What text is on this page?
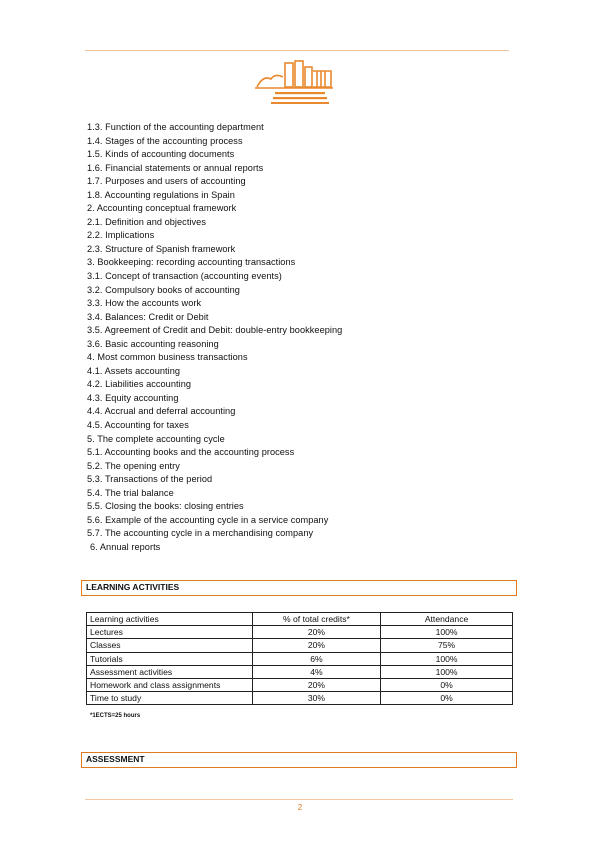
1.3. Function of the accounting department
1.4. Stages of the accounting process
1.5. Kinds of accounting documents
1.6. Financial statements or annual reports
1.7. Purposes and users of accounting
1.8. Accounting regulations in Spain
2. Accounting conceptual framework
2.1. Definition and objectives
2.2. Implications
2.3. Structure of Spanish framework
3. Bookkeeping: recording accounting transactions
3.1. Concept of transaction (accounting events)
3.2. Compulsory books of accounting
3.3. How the accounts work
3.4. Balances: Credit or Debit
3.5. Agreement of Credit and Debit: double-entry bookkeeping
3.6. Basic accounting reasoning
4. Most common business transactions
4.1. Assets accounting
4.2. Liabilities accounting
4.3. Equity accounting
4.4. Accrual and deferral accounting
4.5. Accounting for taxes
5. The complete accounting cycle
5.1. Accounting books and the accounting process
5.2. The opening entry
5.3. Transactions of the period
5.4. The trial balance
5.5. Closing the books: closing entries
5.6. Example of the accounting cycle in a service company
5.7. The accounting cycle in a merchandising company
6. Annual reports
LEARNING ACTIVITIES
Learning activities	% of total credits*	Attendance
Lectures	20%	100%
Classes	20%	75%
Tutorials	6%	100%
Assessment activities	4%	100%
Homework and class assignments	20%	0%
Time to study	30%	0%
*1ECTS=25 hours
ASSESSMENT
2
